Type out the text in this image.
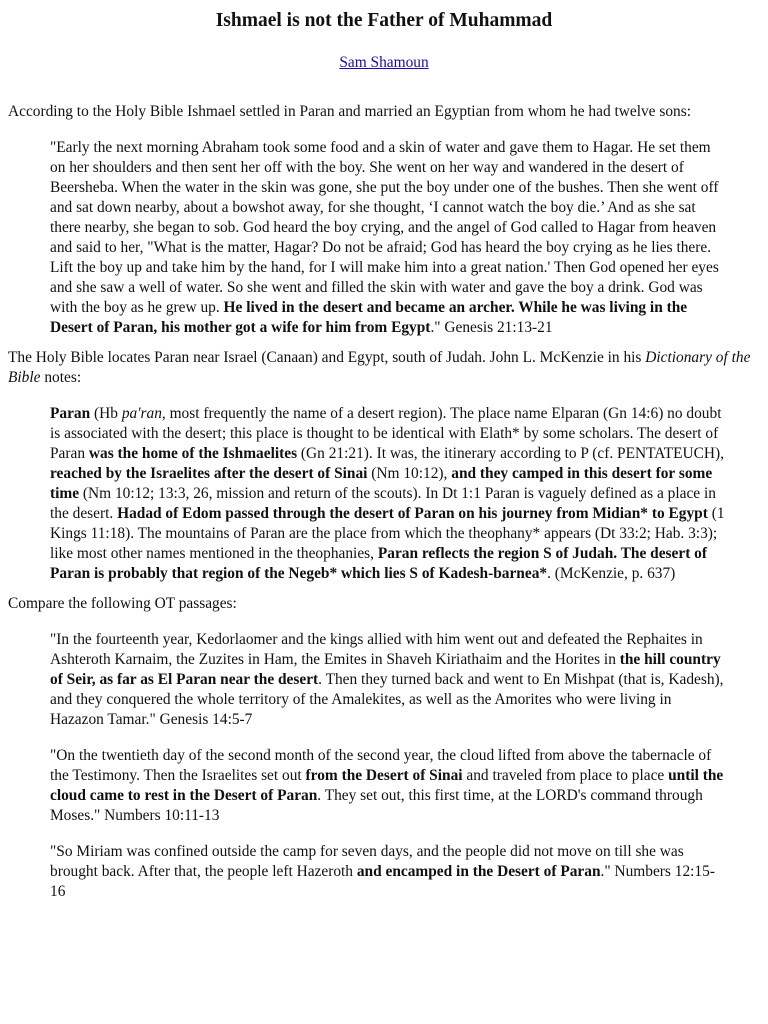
Ishmael is not the Father of Muhammad
Sam Shamoun

According to the Holy Bible Ishmael settled in Paran and married an Egyptian from whom he had twelve sons:

"Early the next morning Abraham took some food and a skin of water and gave them to Hagar. He set them on her shoulders and then sent her off with the boy. She went on her way and wandered in the desert of Beersheba. When the water in the skin was gone, she put the boy under one of the bushes. Then she went off and sat down nearby, about a bowshot away, for she thought, ‘I cannot watch the boy die.’ And as she sat there nearby, she began to sob. God heard the boy crying, and the angel of God called to Hagar from heaven and said to her, "What is the matter, Hagar? Do not be afraid; God has heard the boy crying as he lies there. Lift the boy up and take him by the hand, for I will make him into a great nation.' Then God opened her eyes and she saw a well of water. So she went and filled the skin with water and gave the boy a drink. God was with the boy as he grew up. He lived in the desert and became an archer. While he was living in the Desert of Paran, his mother got a wife for him from Egypt." Genesis 21:13-21

The Holy Bible locates Paran near Israel (Canaan) and Egypt, south of Judah. John L. McKenzie in his Dictionary of the Bible notes:

Paran (Hb pa'ran, most frequently the name of a desert region). The place name Elparan (Gn 14:6) no doubt is associated with the desert; this place is thought to be identical with Elath* by some scholars. The desert of Paran was the home of the Ishmaelites (Gn 21:21). It was, the itinerary according to P (cf. PENTATEUCH), reached by the Israelites after the desert of Sinai (Nm 10:12), and they camped in this desert for some time (Nm 10:12; 13:3, 26, mission and return of the scouts). In Dt 1:1 Paran is vaguely defined as a place in the desert. Hadad of Edom passed through the desert of Paran on his journey from Midian* to Egypt (1 Kings 11:18). The mountains of Paran are the place from which the theophany* appears (Dt 33:2; Hab. 3:3); like most other names mentioned in the theophanies, Paran reflects the region S of Judah. The desert of Paran is probably that region of the Negeb* which lies S of Kadesh-barnea*. (McKenzie, p. 637)

Compare the following OT passages:

"In the fourteenth year, Kedorlaomer and the kings allied with him went out and defeated the Rephaites in Ashteroth Karnaim, the Zuzites in Ham, the Emites in Shaveh Kiriathaim and the Horites in the hill country of Seir, as far as El Paran near the desert. Then they turned back and went to En Mishpat (that is, Kadesh), and they conquered the whole territory of the Amalekites, as well as the Amorites who were living in Hazazon Tamar." Genesis 14:5-7

"On the twentieth day of the second month of the second year, the cloud lifted from above the tabernacle of the Testimony. Then the Israelites set out from the Desert of Sinai and traveled from place to place until the cloud came to rest in the Desert of Paran. They set out, this first time, at the LORD's command through Moses." Numbers 10:11-13

"So Miriam was confined outside the camp for seven days, and the people did not move on till she was brought back. After that, the people left Hazeroth and encamped in the Desert of Paran." Numbers 12:15-16
